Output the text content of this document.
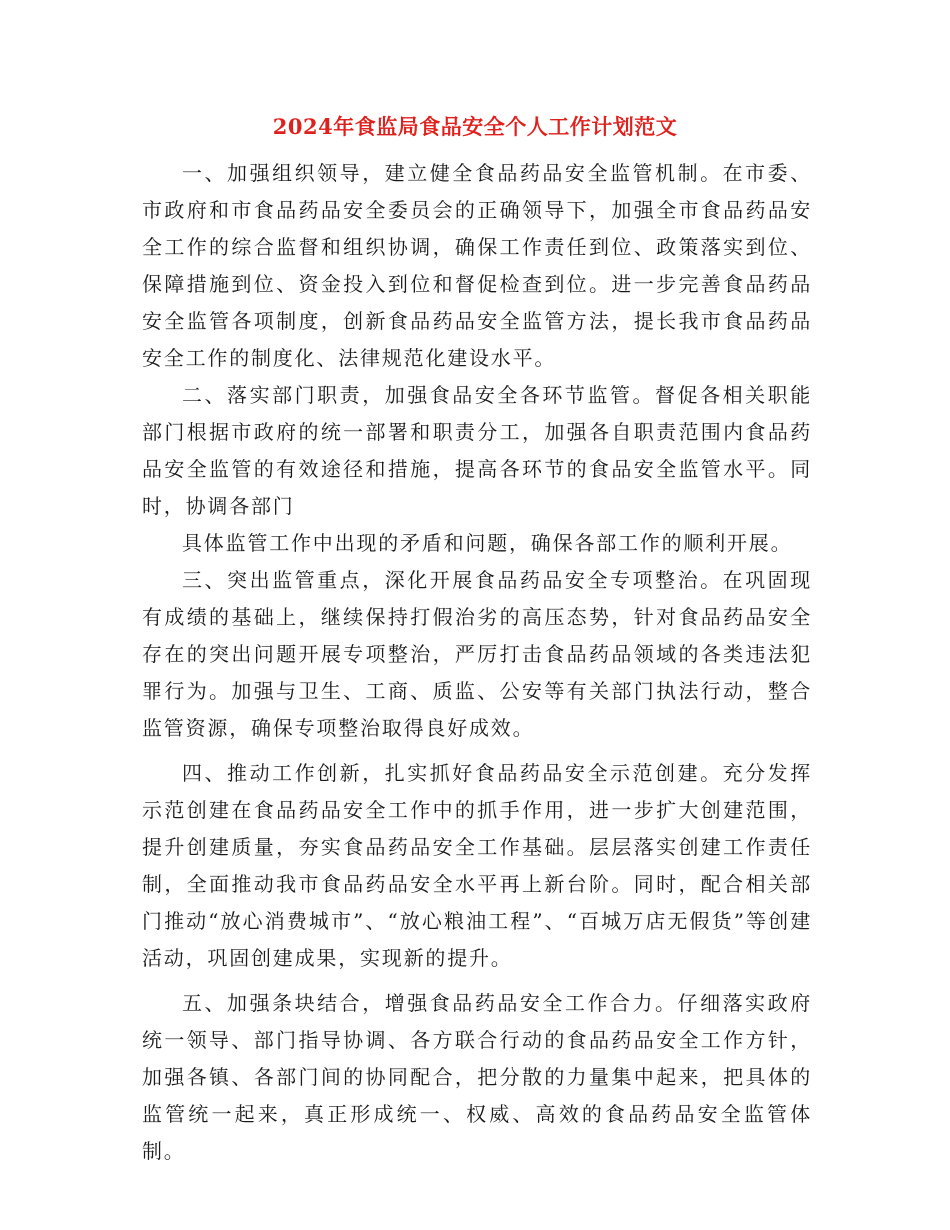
2024年食监局食品安全个人工作计划范文

一、加强组织领导，建立健全食品药品安全监管机制。在市委、市政府和市食品药品安全委员会的正确领导下，加强全市食品药品安全工作的综合监督和组织协调，确保工作责任到位、政策落实到位、保障措施到位、资金投入到位和督促检查到位。进一步完善食品药品安全监管各项制度，创新食品药品安全监管方法，提长我市食品药品安全工作的制度化、法律规范化建设水平。

二、落实部门职责，加强食品安全各环节监管。督促各相关职能部门根据市政府的统一部署和职责分工，加强各自职责范围内食品药品安全监管的有效途径和措施，提高各环节的食品安全监管水平。同时，协调各部门

具体监管工作中出现的矛盾和问题，确保各部工作的顺利开展。

三、突出监管重点，深化开展食品药品安全专项整治。在巩固现有成绩的基础上，继续保持打假治劣的高压态势，针对食品药品安全存在的突出问题开展专项整治，严厉打击食品药品领域的各类违法犯罪行为。加强与卫生、工商、质监、公安等有关部门执法行动，整合监管资源，确保专项整治取得良好成效。

四、推动工作创新，扎实抓好食品药品安全示范创建。充分发挥示范创建在食品药品安全工作中的抓手作用，进一步扩大创建范围，提升创建质量，夯实食品药品安全工作基础。层层落实创建工作责任制，全面推动我市食品药品安全水平再上新台阶。同时，配合相关部门推动“放心消费城市”、“放心粮油工程”、“百城万店无假货”等创建活动，巩固创建成果，实现新的提升。

五、加强条块结合，增强食品药品安全工作合力。仔细落实政府统一领导、部门指导协调、各方联合行动的食品药品安全工作方针，加强各镇、各部门间的协同配合，把分散的力量集中起来，把具体的监管统一起来，真正形成统一、权威、高效的食品药品安全监管体制。
